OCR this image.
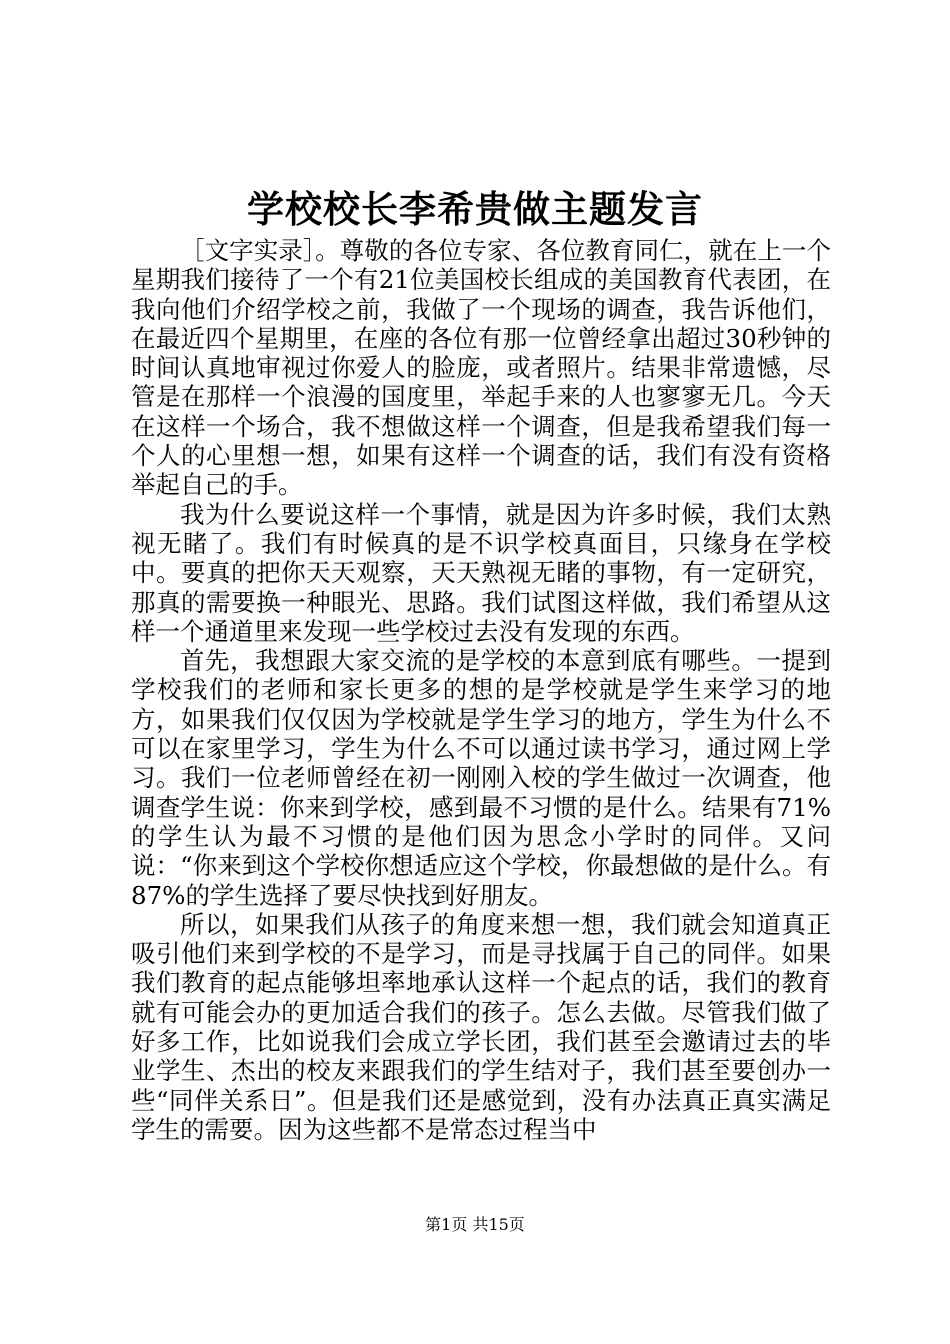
学校校长李希贵做主题发言

［文字实录］。尊敬的各位专家、各位教育同仁，就在上一个星期我们接待了一个有21位美国校长组成的美国教育代表团，在我向他们介绍学校之前，我做了一个现场的调查，我告诉他们，在最近四个星期里，在座的各位有那一位曾经拿出超过30秒钟的时间认真地审视过你爱人的脸庞，或者照片。结果非常遗憾，尽管是在那样一个浪漫的国度里，举起手来的人也寥寥无几。今天在这样一个场合，我不想做这样一个调查，但是我希望我们每一个人的心里想一想，如果有这样一个调查的话，我们有没有资格举起自己的手。

我为什么要说这样一个事情，就是因为许多时候，我们太熟视无睹了。我们有时候真的是不识学校真面目，只缘身在学校中。要真的把你天天观察，天天熟视无睹的事物，有一定研究，那真的需要换一种眼光、思路。我们试图这样做，我们希望从这样一个通道里来发现一些学校过去没有发现的东西。

首先，我想跟大家交流的是学校的本意到底有哪些。一提到学校我们的老师和家长更多的想的是学校就是学生来学习的地方，如果我们仅仅因为学校就是学生学习的地方，学生为什么不可以在家里学习，学生为什么不可以通过读书学习，通过网上学习。我们一位老师曾经在初一刚刚入校的学生做过一次调查，他调查学生说：你来到学校，感到最不习惯的是什么。结果有71%的学生认为最不习惯的是他们因为思念小学时的同伴。又问说：“你来到这个学校你想适应这个学校，你最想做的是什么。有87%的学生选择了要尽快找到好朋友。

所以，如果我们从孩子的角度来想一想，我们就会知道真正吸引他们来到学校的不是学习，而是寻找属于自己的同伴。如果我们教育的起点能够坦率地承认这样一个起点的话，我们的教育就有可能会办的更加适合我们的孩子。怎么去做。尽管我们做了好多工作，比如说我们会成立学长团，我们甚至会邀请过去的毕业学生、杰出的校友来跟我们的学生结对子，我们甚至要创办一些“同伴关系日”。但是我们还是感觉到，没有办法真正真实满足学生的需要。因为这些都不是常态过程当中

第1页 共15页
